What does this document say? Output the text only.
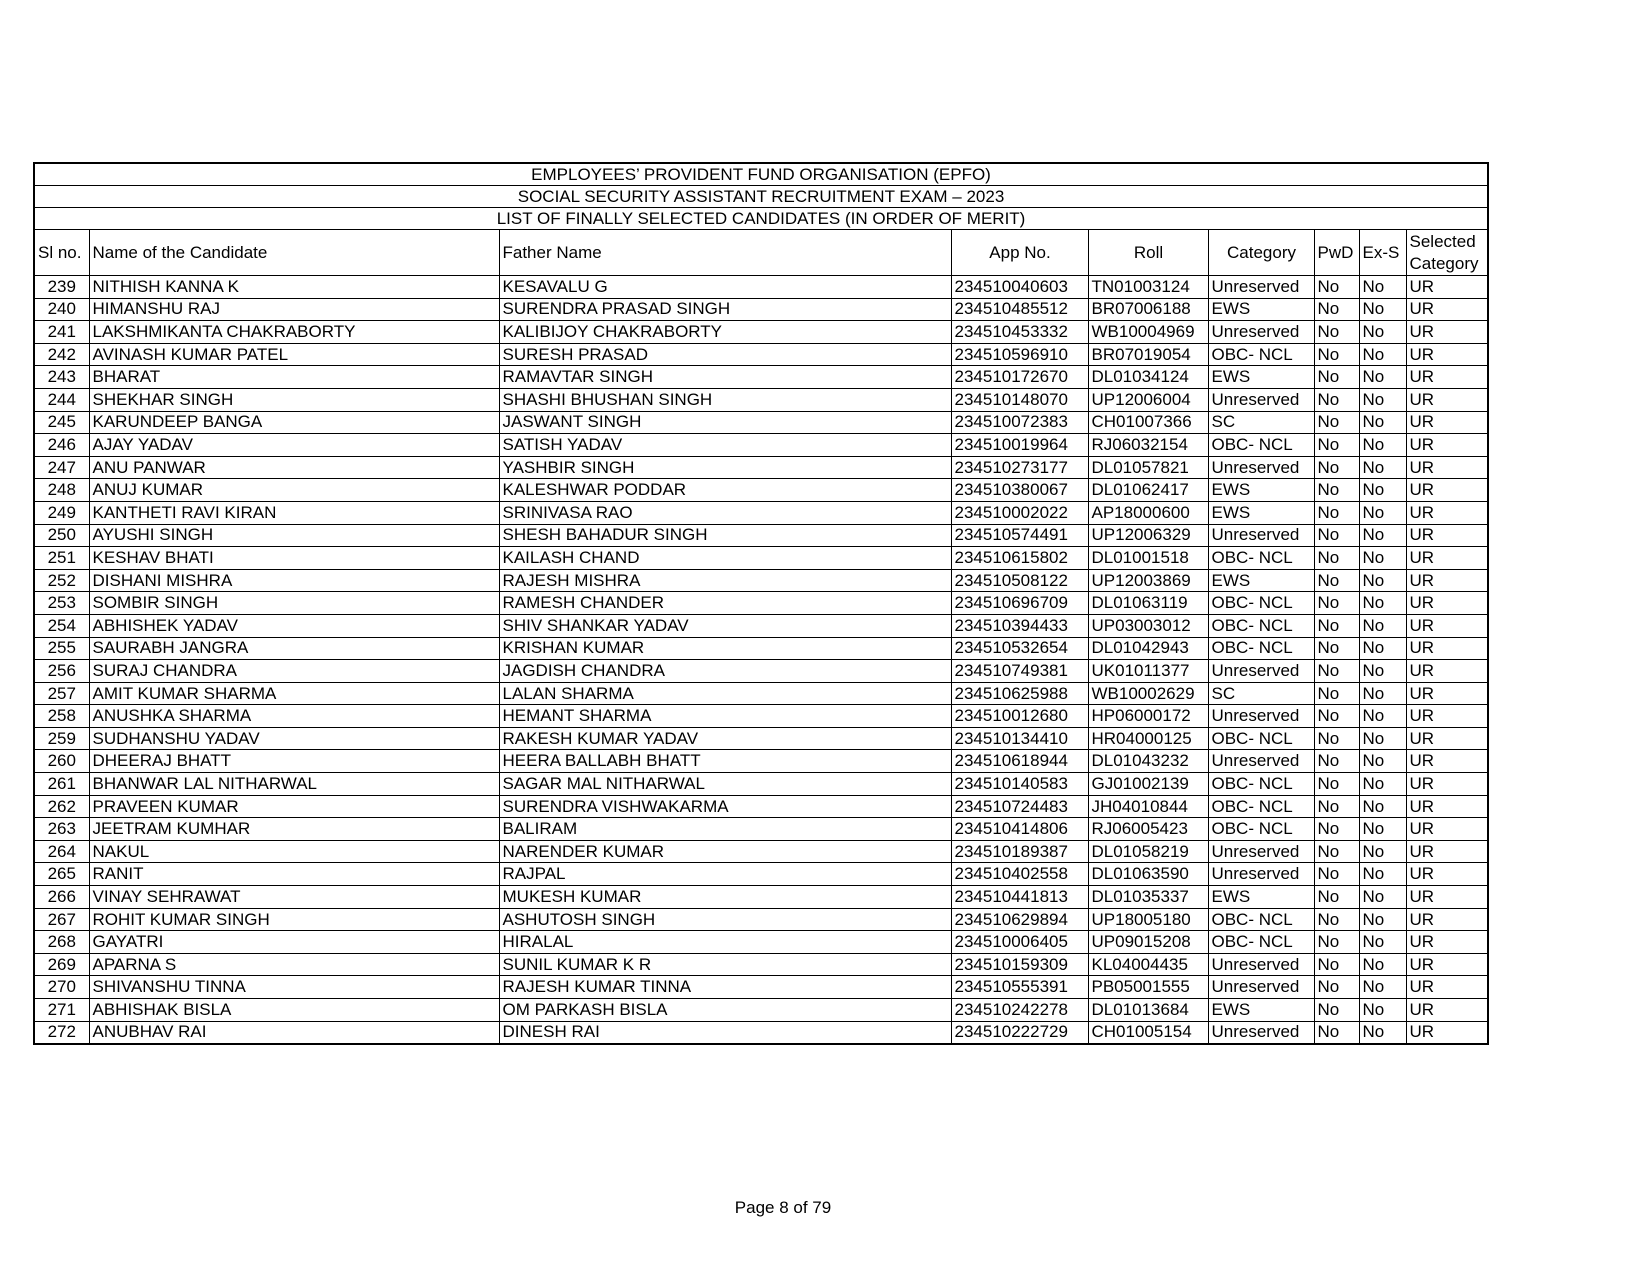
EMPLOYEES’ PROVIDENT FUND ORGANISATION (EPFO)								
SOCIAL SECURITY ASSISTANT RECRUITMENT EXAM – 2023								
LIST OF FINALLY SELECTED CANDIDATES (IN ORDER OF MERIT)								
Sl no.	Name of the Candidate	Father Name	App No.	Roll	Category	PwD	Ex-S	Selected Category
239	NITHISH KANNA K	KESAVALU G	234510040603	TN01003124	Unreserved	No	No	UR
240	HIMANSHU RAJ	SURENDRA PRASAD SINGH	234510485512	BR07006188	EWS	No	No	UR
241	LAKSHMIKANTA CHAKRABORTY	KALIBIJOY CHAKRABORTY	234510453332	WB10004969	Unreserved	No	No	UR
242	AVINASH KUMAR PATEL	SURESH PRASAD	234510596910	BR07019054	OBC- NCL	No	No	UR
243	BHARAT	RAMAVTAR SINGH	234510172670	DL01034124	EWS	No	No	UR
244	SHEKHAR SINGH	SHASHI BHUSHAN SINGH	234510148070	UP12006004	Unreserved	No	No	UR
245	KARUNDEEP BANGA	JASWANT SINGH	234510072383	CH01007366	SC	No	No	UR
246	AJAY YADAV	SATISH YADAV	234510019964	RJ06032154	OBC- NCL	No	No	UR
247	ANU PANWAR	YASHBIR SINGH	234510273177	DL01057821	Unreserved	No	No	UR
248	ANUJ KUMAR	KALESHWAR PODDAR	234510380067	DL01062417	EWS	No	No	UR
249	KANTHETI RAVI KIRAN	SRINIVASA RAO	234510002022	AP18000600	EWS	No	No	UR
250	AYUSHI SINGH	SHESH BAHADUR SINGH	234510574491	UP12006329	Unreserved	No	No	UR
251	KESHAV BHATI	KAILASH CHAND	234510615802	DL01001518	OBC- NCL	No	No	UR
252	DISHANI MISHRA	RAJESH MISHRA	234510508122	UP12003869	EWS	No	No	UR
253	SOMBIR SINGH	RAMESH CHANDER	234510696709	DL01063119	OBC- NCL	No	No	UR
254	ABHISHEK YADAV	SHIV SHANKAR YADAV	234510394433	UP03003012	OBC- NCL	No	No	UR
255	SAURABH JANGRA	KRISHAN KUMAR	234510532654	DL01042943	OBC- NCL	No	No	UR
256	SURAJ CHANDRA	JAGDISH CHANDRA	234510749381	UK01011377	Unreserved	No	No	UR
257	AMIT KUMAR SHARMA	LALAN SHARMA	234510625988	WB10002629	SC	No	No	UR
258	ANUSHKA SHARMA	HEMANT SHARMA	234510012680	HP06000172	Unreserved	No	No	UR
259	SUDHANSHU YADAV	RAKESH KUMAR YADAV	234510134410	HR04000125	OBC- NCL	No	No	UR
260	DHEERAJ BHATT	HEERA BALLABH BHATT	234510618944	DL01043232	Unreserved	No	No	UR
261	BHANWAR LAL NITHARWAL	SAGAR MAL NITHARWAL	234510140583	GJ01002139	OBC- NCL	No	No	UR
262	PRAVEEN KUMAR	SURENDRA VISHWAKARMA	234510724483	JH04010844	OBC- NCL	No	No	UR
263	JEETRAM KUMHAR	BALIRAM	234510414806	RJ06005423	OBC- NCL	No	No	UR
264	NAKUL	NARENDER KUMAR	234510189387	DL01058219	Unreserved	No	No	UR
265	RANIT	RAJPAL	234510402558	DL01063590	Unreserved	No	No	UR
266	VINAY SEHRAWAT	MUKESH KUMAR	234510441813	DL01035337	EWS	No	No	UR
267	ROHIT KUMAR SINGH	ASHUTOSH SINGH	234510629894	UP18005180	OBC- NCL	No	No	UR
268	GAYATRI	HIRALAL	234510006405	UP09015208	OBC- NCL	No	No	UR
269	APARNA S	SUNIL KUMAR K R	234510159309	KL04004435	Unreserved	No	No	UR
270	SHIVANSHU TINNA	RAJESH KUMAR TINNA	234510555391	PB05001555	Unreserved	No	No	UR
271	ABHISHAK BISLA	OM PARKASH BISLA	234510242278	DL01013684	EWS	No	No	UR
272	ANUBHAV RAI	DINESH RAI	234510222729	CH01005154	Unreserved	No	No	UR
Page 8 of 79
